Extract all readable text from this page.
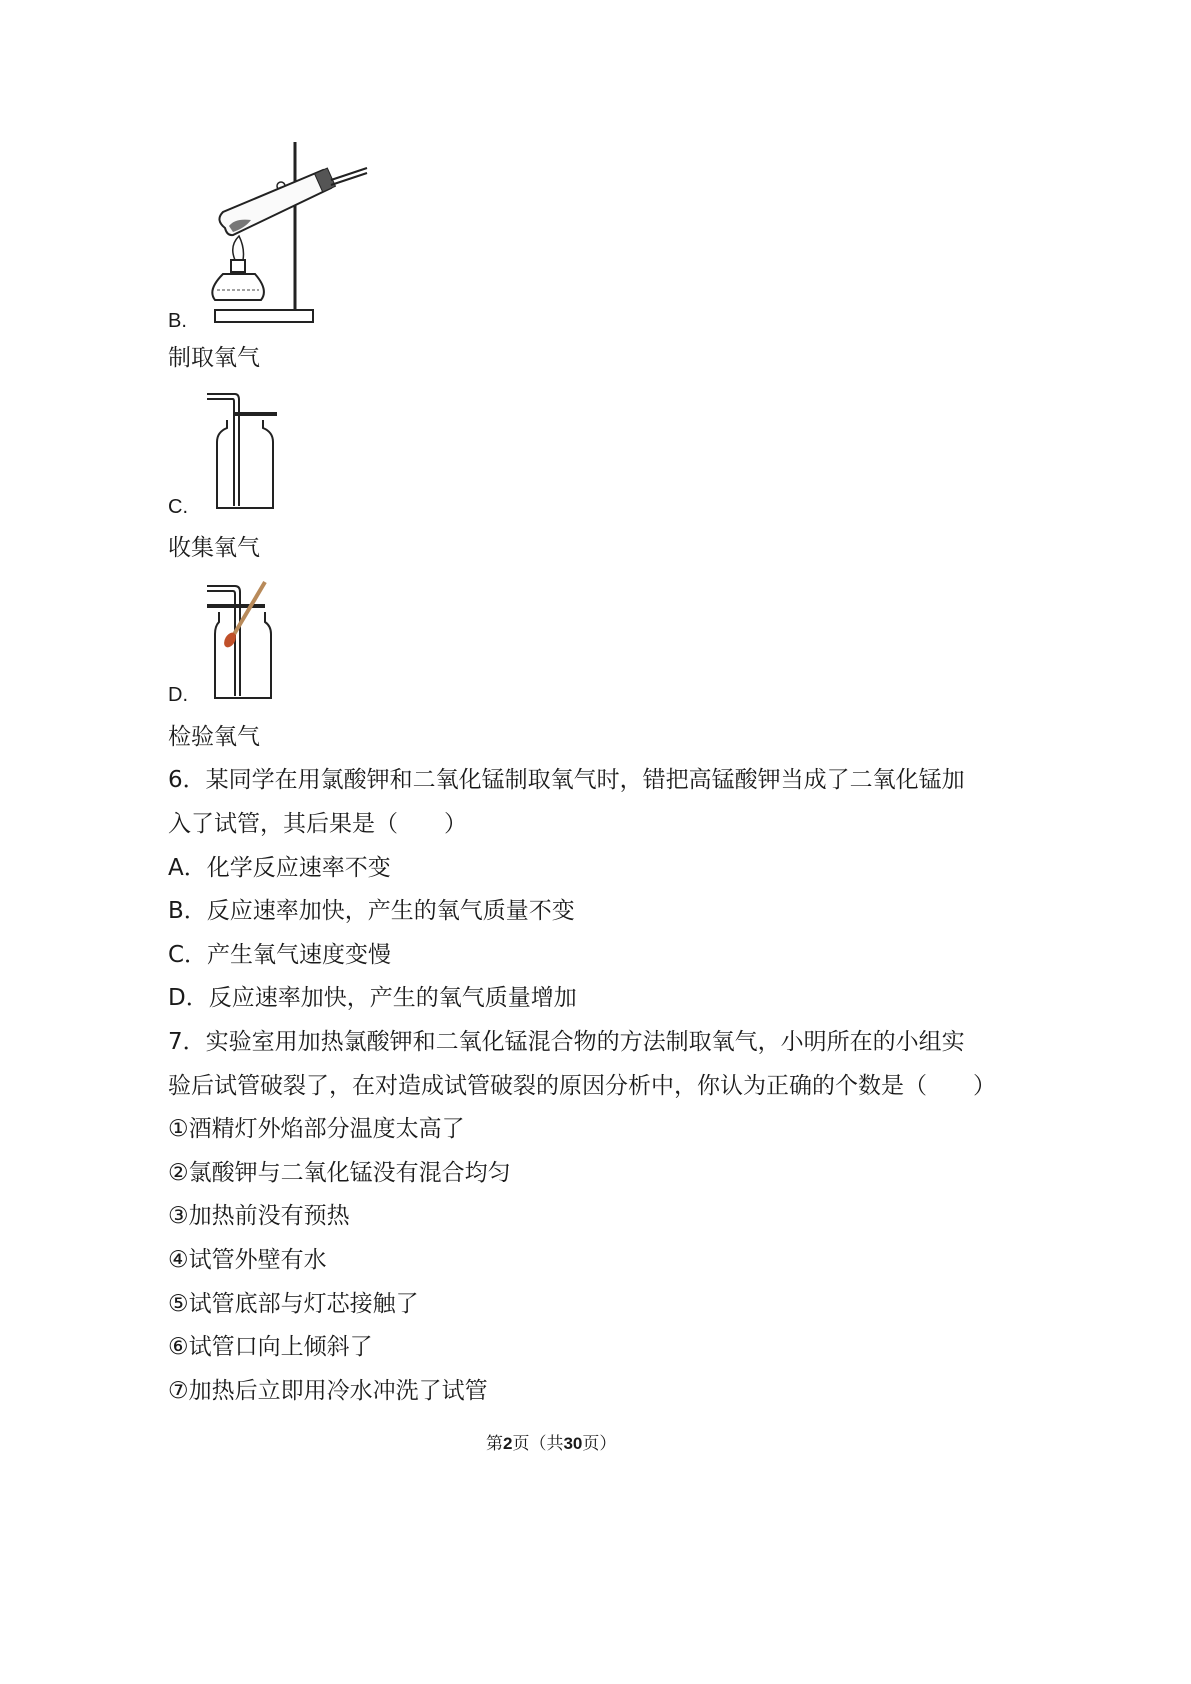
B.
制取氧气
C.
收集氧气
D.
检验氧气
6．某同学在用氯酸钾和二氧化锰制取氧气时，错把高锰酸钾当成了二氧化锰加
入了试管，其后果是（　　）
A．化学反应速率不变
B．反应速率加快，产生的氧气质量不变
C．产生氧气速度变慢
D．反应速率加快，产生的氧气质量增加
7．实验室用加热氯酸钾和二氧化锰混合物的方法制取氧气，小明所在的小组实
验后试管破裂了，在对造成试管破裂的原因分析中，你认为正确的个数是（　　）
①酒精灯外焰部分温度太高了
②氯酸钾与二氧化锰没有混合均匀
③加热前没有预热
④试管外壁有水
⑤试管底部与灯芯接触了
⑥试管口向上倾斜了
⑦加热后立即用冷水冲洗了试管
第2页（共30页）
